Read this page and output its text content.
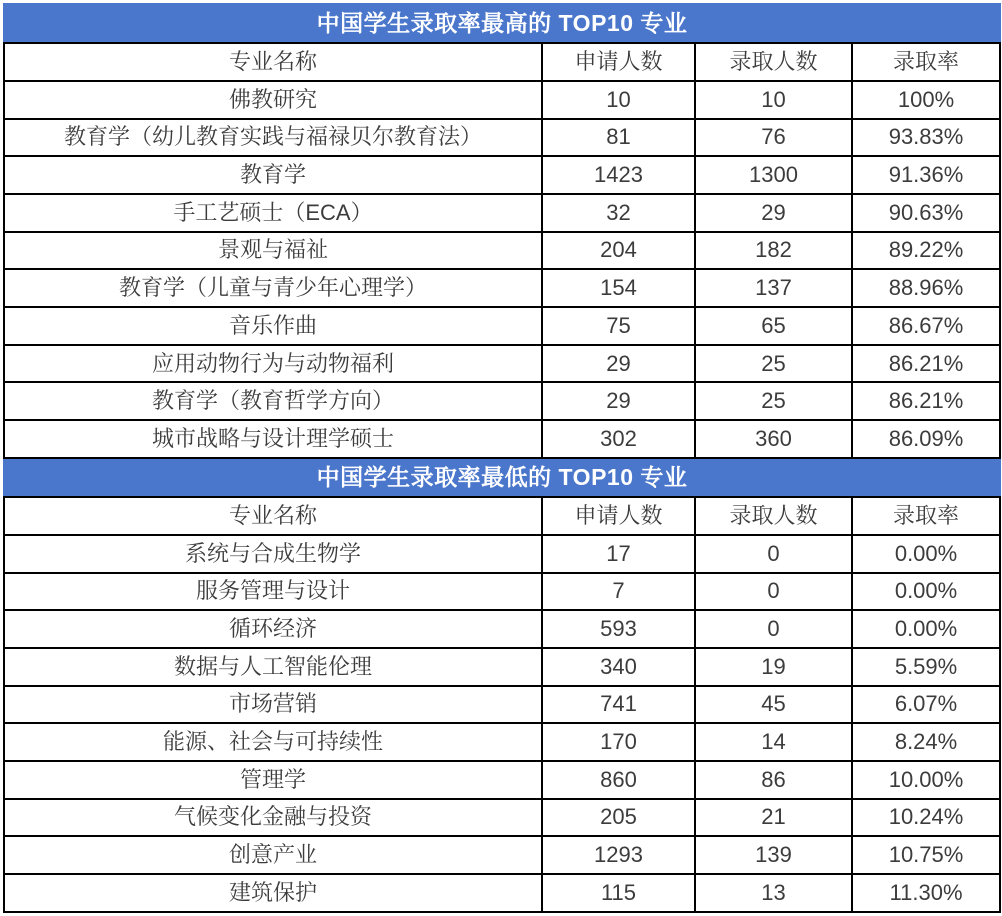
中国学生录取率最高的 TOP10 专业			
专业名称	申请人数	录取人数	录取率
佛教研究	10	10	100%
教育学（幼儿教育实践与福禄贝尔教育法）	81	76	93.83%
教育学	1423	1300	91.36%
手工艺硕士（ECA）	32	29	90.63%
景观与福祉	204	182	89.22%
教育学（儿童与青少年心理学）	154	137	88.96%
音乐作曲	75	65	86.67%
应用动物行为与动物福利	29	25	86.21%
教育学（教育哲学方向）	29	25	86.21%
城市战略与设计理学硕士	302	360	86.09%
中国学生录取率最低的 TOP10 专业			
专业名称	申请人数	录取人数	录取率
系统与合成生物学	17	0	0.00%
服务管理与设计	7	0	0.00%
循环经济	593	0	0.00%
数据与人工智能伦理	340	19	5.59%
市场营销	741	45	6.07%
能源、社会与可持续性	170	14	8.24%
管理学	860	86	10.00%
气候变化金融与投资	205	21	10.24%
创意产业	1293	139	10.75%
建筑保护	115	13	11.30%
